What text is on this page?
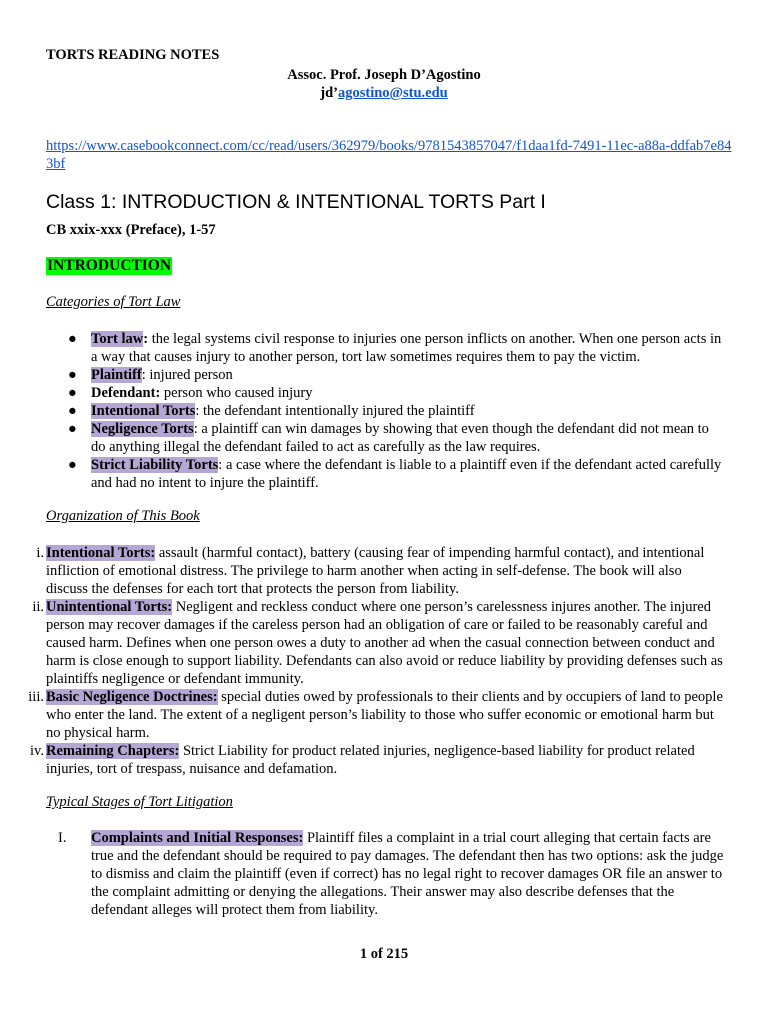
TORTS READING NOTES
Assoc. Prof. Joseph D’Agostino
jd’agostino@stu.edu
https://www.casebookconnect.com/cc/read/users/362979/books/9781543857047/f1daa1fd-7491-11ec-a88a-ddfab7e843bf
Class 1: INTRODUCTION & INTENTIONAL TORTS Part I
CB xxix-xxx (Preface), 1-57
INTRODUCTION
Categories of Tort Law
● Tort law: the legal systems civil response to injuries one person inflicts on another. When one person acts in a way that causes injury to another person, tort law sometimes requires them to pay the victim.
● Plaintiff: injured person
● Defendant: person who caused injury
● Intentional Torts: the defendant intentionally injured the plaintiff
● Negligence Torts: a plaintiff can win damages by showing that even though the defendant did not mean to do anything illegal the defendant failed to act as carefully as the law requires.
● Strict Liability Torts: a case where the defendant is liable to a plaintiff even if the defendant acted carefully and had no intent to injure the plaintiff.
Organization of This Book
i. Intentional Torts: assault (harmful contact), battery (causing fear of impending harmful contact), and intentional infliction of emotional distress. The privilege to harm another when acting in self-defense. The book will also discuss the defenses for each tort that protects the person from liability.
ii. Unintentional Torts: Negligent and reckless conduct where one person’s carelessness injures another. The injured person may recover damages if the careless person had an obligation of care or failed to be reasonably careful and caused harm. Defines when one person owes a duty to another ad when the casual connection between conduct and harm is close enough to support liability. Defendants can also avoid or reduce liability by providing defenses such as plaintiffs negligence or defendant immunity.
iii. Basic Negligence Doctrines: special duties owed by professionals to their clients and by occupiers of land to people who enter the land. The extent of a negligent person’s liability to those who suffer economic or emotional harm but no physical harm.
iv. Remaining Chapters: Strict Liability for product related injuries, negligence-based liability for product related injuries, tort of trespass, nuisance and defamation.
Typical Stages of Tort Litigation
I. Complaints and Initial Responses: Plaintiff files a complaint in a trial court alleging that certain facts are true and the defendant should be required to pay damages. The defendant then has two options: ask the judge to dismiss and claim the plaintiff (even if correct) has no legal right to recover damages OR file an answer to the complaint admitting or denying the allegations. Their answer may also describe defenses that the defendant alleges will protect them from liability.
1 of 215
